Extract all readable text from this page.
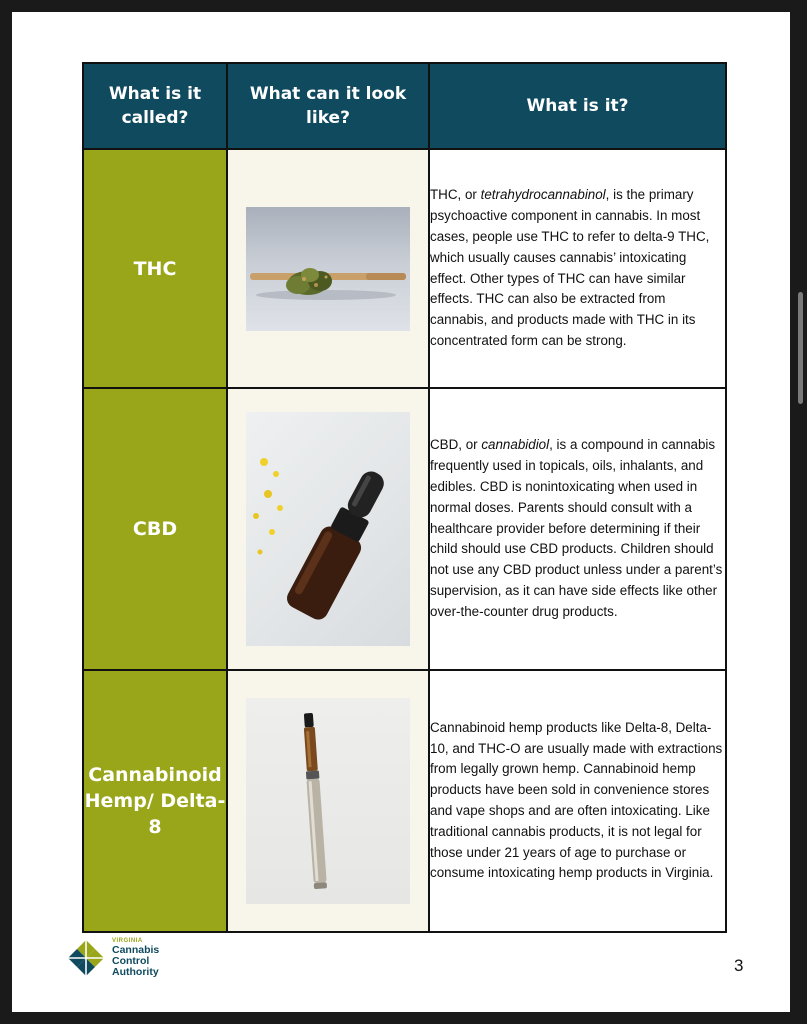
What is it called?	What can it look like?	What is it?
THC		THC, or tetrahydrocannabinol, is the primary psychoactive component in cannabis. In most cases, people use THC to refer to delta-9 THC, which usually causes cannabis’ intoxicating effect. Other types of THC can have similar effects. THC can also be extracted from cannabis, and products made with THC in its concentrated form can be strong.
CBD		CBD, or cannabidiol, is a compound in cannabis frequently used in topicals, oils, inhalants, and edibles. CBD is nonintoxicating when used in normal doses. Parents should consult with a healthcare provider before determining if their child should use CBD products. Children should not use any CBD product unless under a parent’s supervision, as it can have side effects like other over-the-counter drug products.
Cannabinoid Hemp/ Delta-8		Cannabinoid hemp products like Delta-8, Delta-10, and THC-O are usually made with extractions from legally grown hemp. Cannabinoid hemp products have been sold in convenience stores and vape shops and are often intoxicating. Like traditional cannabis products, it is not legal for those under 21 years of age to purchase or consume intoxicating hemp products in Virginia.
VIRGINIA
Cannabis
Control
Authority	3
